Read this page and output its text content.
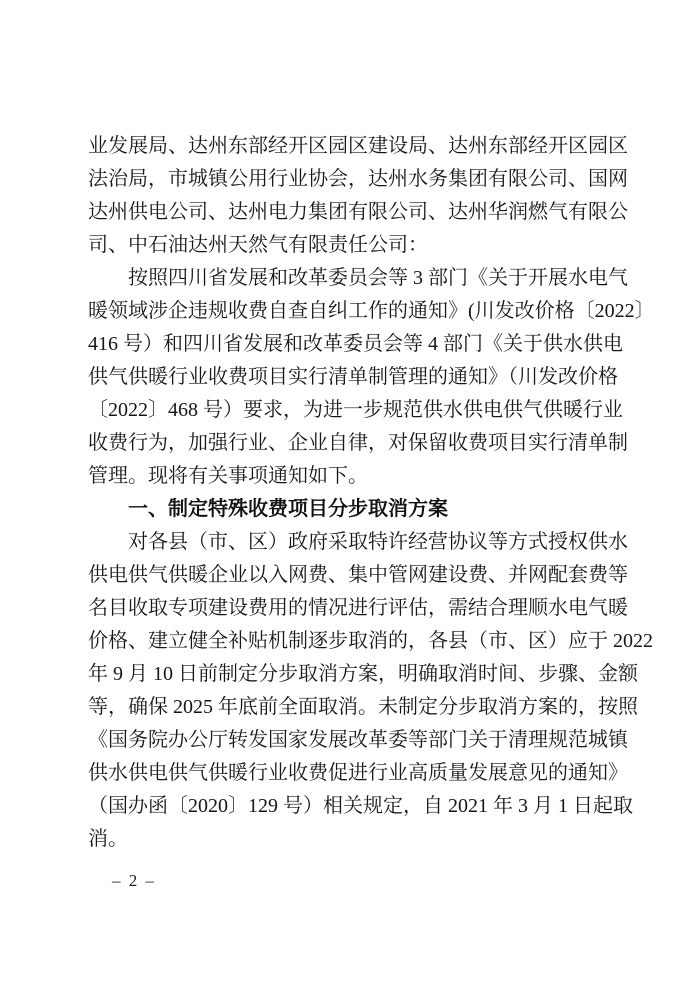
业发展局、达州东部经开区园区建设局、达州东部经开区园区
法治局，市城镇公用行业协会，达州水务集团有限公司、国网
达州供电公司、达州电力集团有限公司、达州华润燃气有限公
司、中石油达州天然气有限责任公司：
按照四川省发展和改革委员会等 3 部门《关于开展水电气
暖领域涉企违规收费自查自纠工作的通知》(川发改价格〔2022〕
416 号）和四川省发展和改革委员会等 4 部门《关于供水供电
供气供暖行业收费项目实行清单制管理的通知》（川发改价格
〔2022〕468 号）要求，为进一步规范供水供电供气供暖行业
收费行为，加强行业、企业自律，对保留收费项目实行清单制
管理。现将有关事项通知如下。
一、制定特殊收费项目分步取消方案
对各县（市、区）政府采取特许经营协议等方式授权供水
供电供气供暖企业以入网费、集中管网建设费、并网配套费等
名目收取专项建设费用的情况进行评估，需结合理顺水电气暖
价格、建立健全补贴机制逐步取消的，各县（市、区）应于 2022
年 9 月 10 日前制定分步取消方案，明确取消时间、步骤、金额
等，确保 2025 年底前全面取消。未制定分步取消方案的，按照
《国务院办公厅转发国家发展改革委等部门关于清理规范城镇
供水供电供气供暖行业收费促进行业高质量发展意见的通知》
（国办函〔2020〕129 号）相关规定，自 2021 年 3 月 1 日起取
消。
– 2 –
